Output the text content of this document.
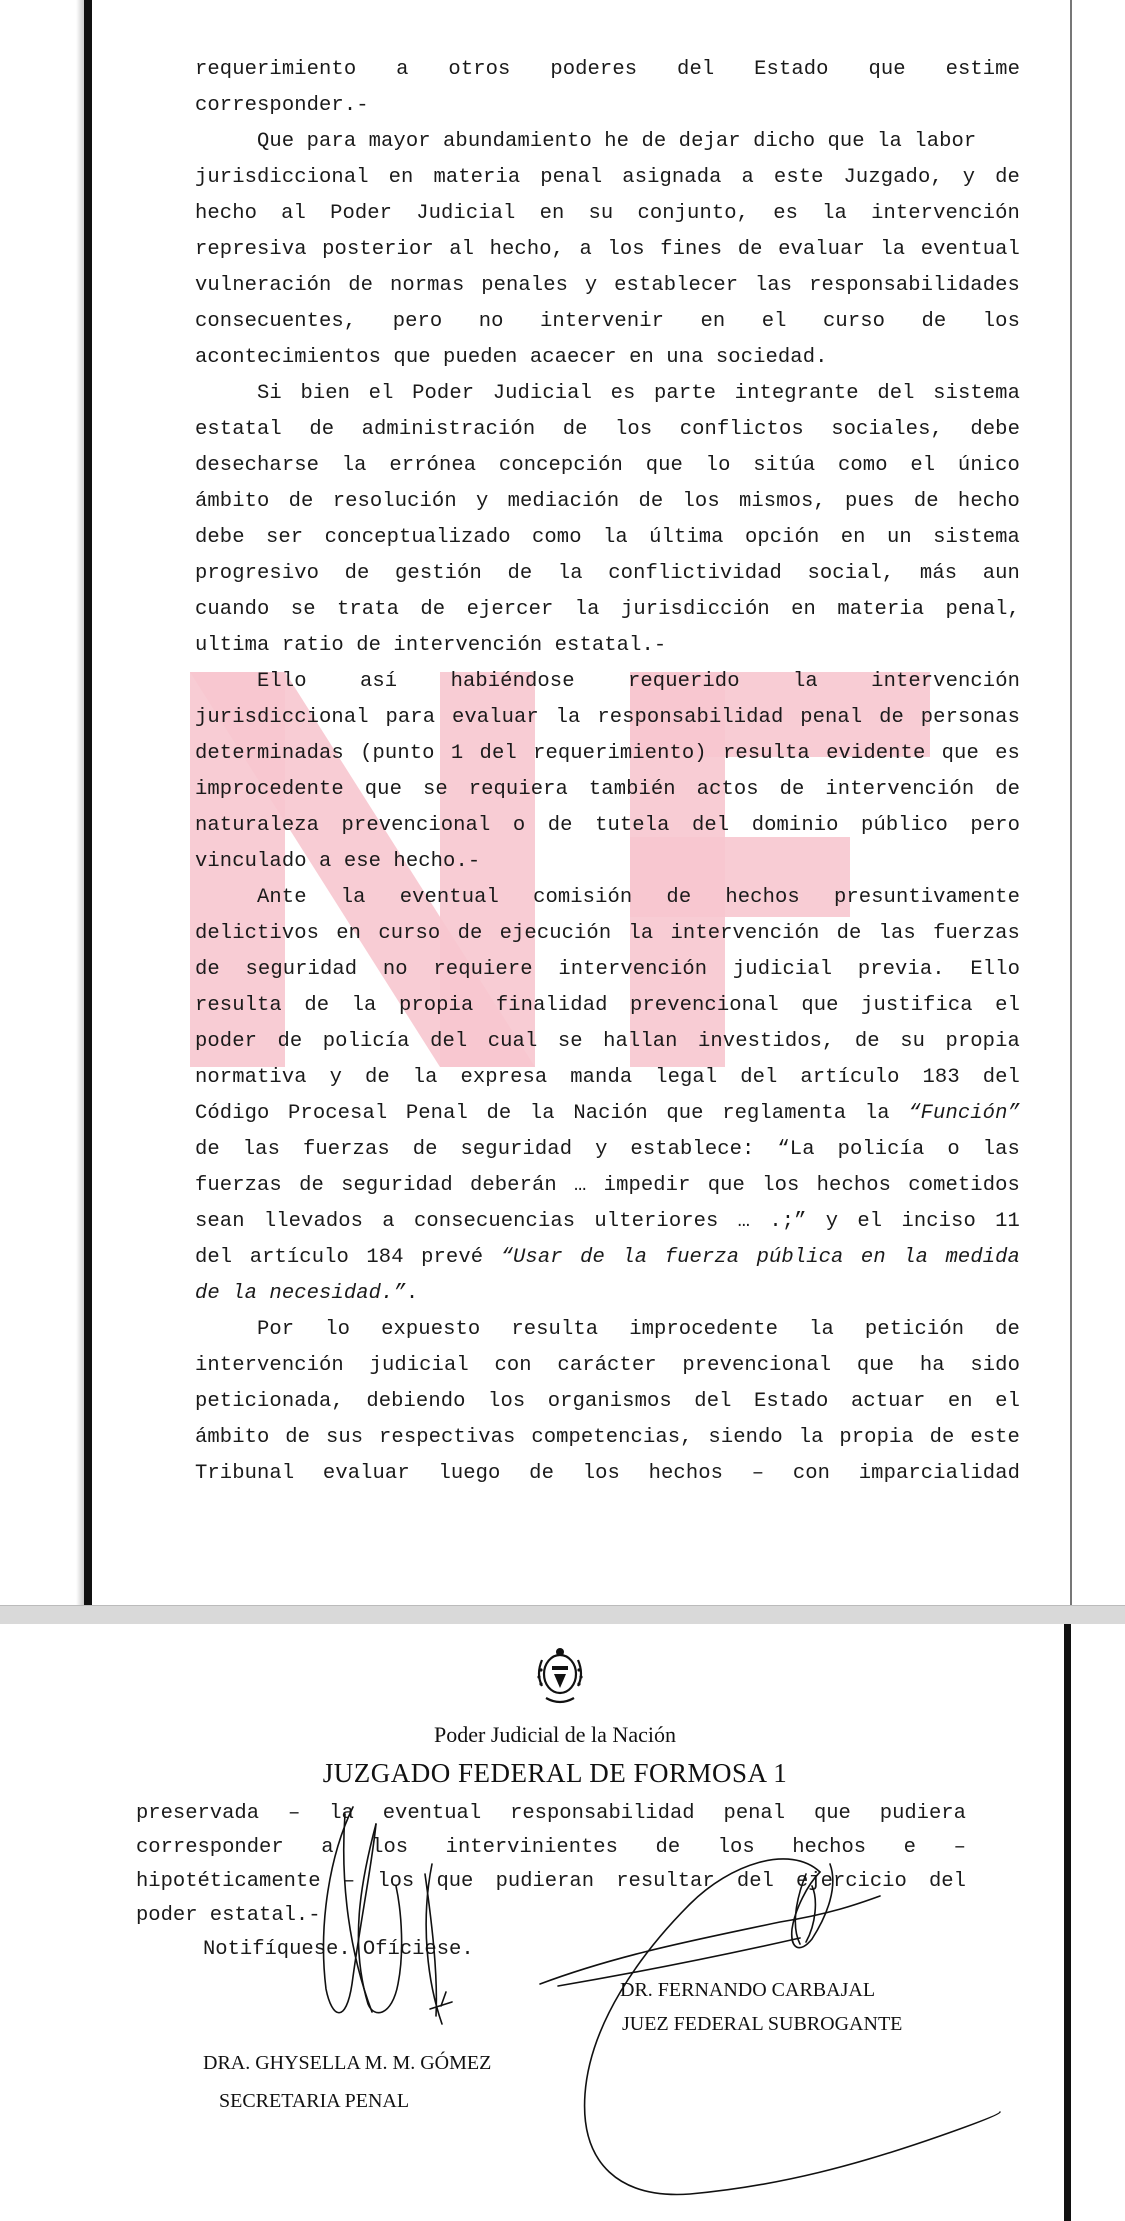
requerimiento a otros poderes del Estado que estime
corresponder.-
Que para mayor abundamiento he de dejar dicho que la labor
jurisdiccional en materia penal asignada a este Juzgado, y de
hecho al Poder Judicial en su conjunto, es la intervención
represiva posterior al hecho, a los fines de evaluar la eventual
vulneración de normas penales y establecer las responsabilidades
consecuentes, pero no intervenir en el curso de los
acontecimientos que pueden acaecer en una sociedad.
Si bien el Poder Judicial es parte integrante del sistema
estatal de administración de los conflictos sociales, debe
desecharse la errónea concepción que lo sitúa como el único
ámbito de resolución y mediación de los mismos, pues de hecho
debe ser conceptualizado como la última opción en un sistema
progresivo de gestión de la conflictividad social, más aun
cuando se trata de ejercer la jurisdicción en materia penal,
ultima ratio de intervención estatal.-
Ello	así	habiéndose	requerido	la	intervención
jurisdiccional para evaluar la responsabilidad penal de personas
determinadas (punto 1 del requerimiento) resulta evidente que es
improcedente que se requiera también actos de intervención de
naturaleza prevencional o de tutela del dominio público pero
vinculado a ese hecho.-
Ante la eventual comisión de hechos presuntivamente
delictivos en curso de ejecución la intervención de las fuerzas
de seguridad no requiere intervención judicial previa. Ello
resulta de la propia finalidad prevencional que justifica el
poder de policía del cual se hallan investidos, de su propia
normativa y de la expresa manda legal del artículo 183 del
Código Procesal Penal de la Nación que reglamenta la “Función”
de las fuerzas de seguridad y establece: “La policía o las
fuerzas de seguridad deberán … impedir que los hechos cometidos
sean llevados a consecuencias ulteriores … .;” y el inciso 11
del artículo 184 prevé “Usar de la fuerza pública en la medida
de la necesidad.” .
Por lo expuesto resulta improcedente la petición de
intervención judicial con carácter prevencional que ha sido
peticionada, debiendo los organismos del Estado actuar en el
ámbito de sus respectivas competencias, siendo la propia de este
Tribunal evaluar luego de los hechos – con imparcialidad
Poder Judicial de la Nación
JUZGADO FEDERAL DE FORMOSA 1
preservada – la eventual responsabilidad penal que pudiera
corresponder a los intervinientes de los hechos e –
hipotéticamente – los que pudieran resultar del ejercicio del
poder estatal.-
Notifíquese. Ofíciese.
DR. FERNANDO CARBAJAL
JUEZ FEDERAL SUBROGANTE
DRA. GHYSELLA M. M. GÓMEZ
SECRETARIA PENAL
